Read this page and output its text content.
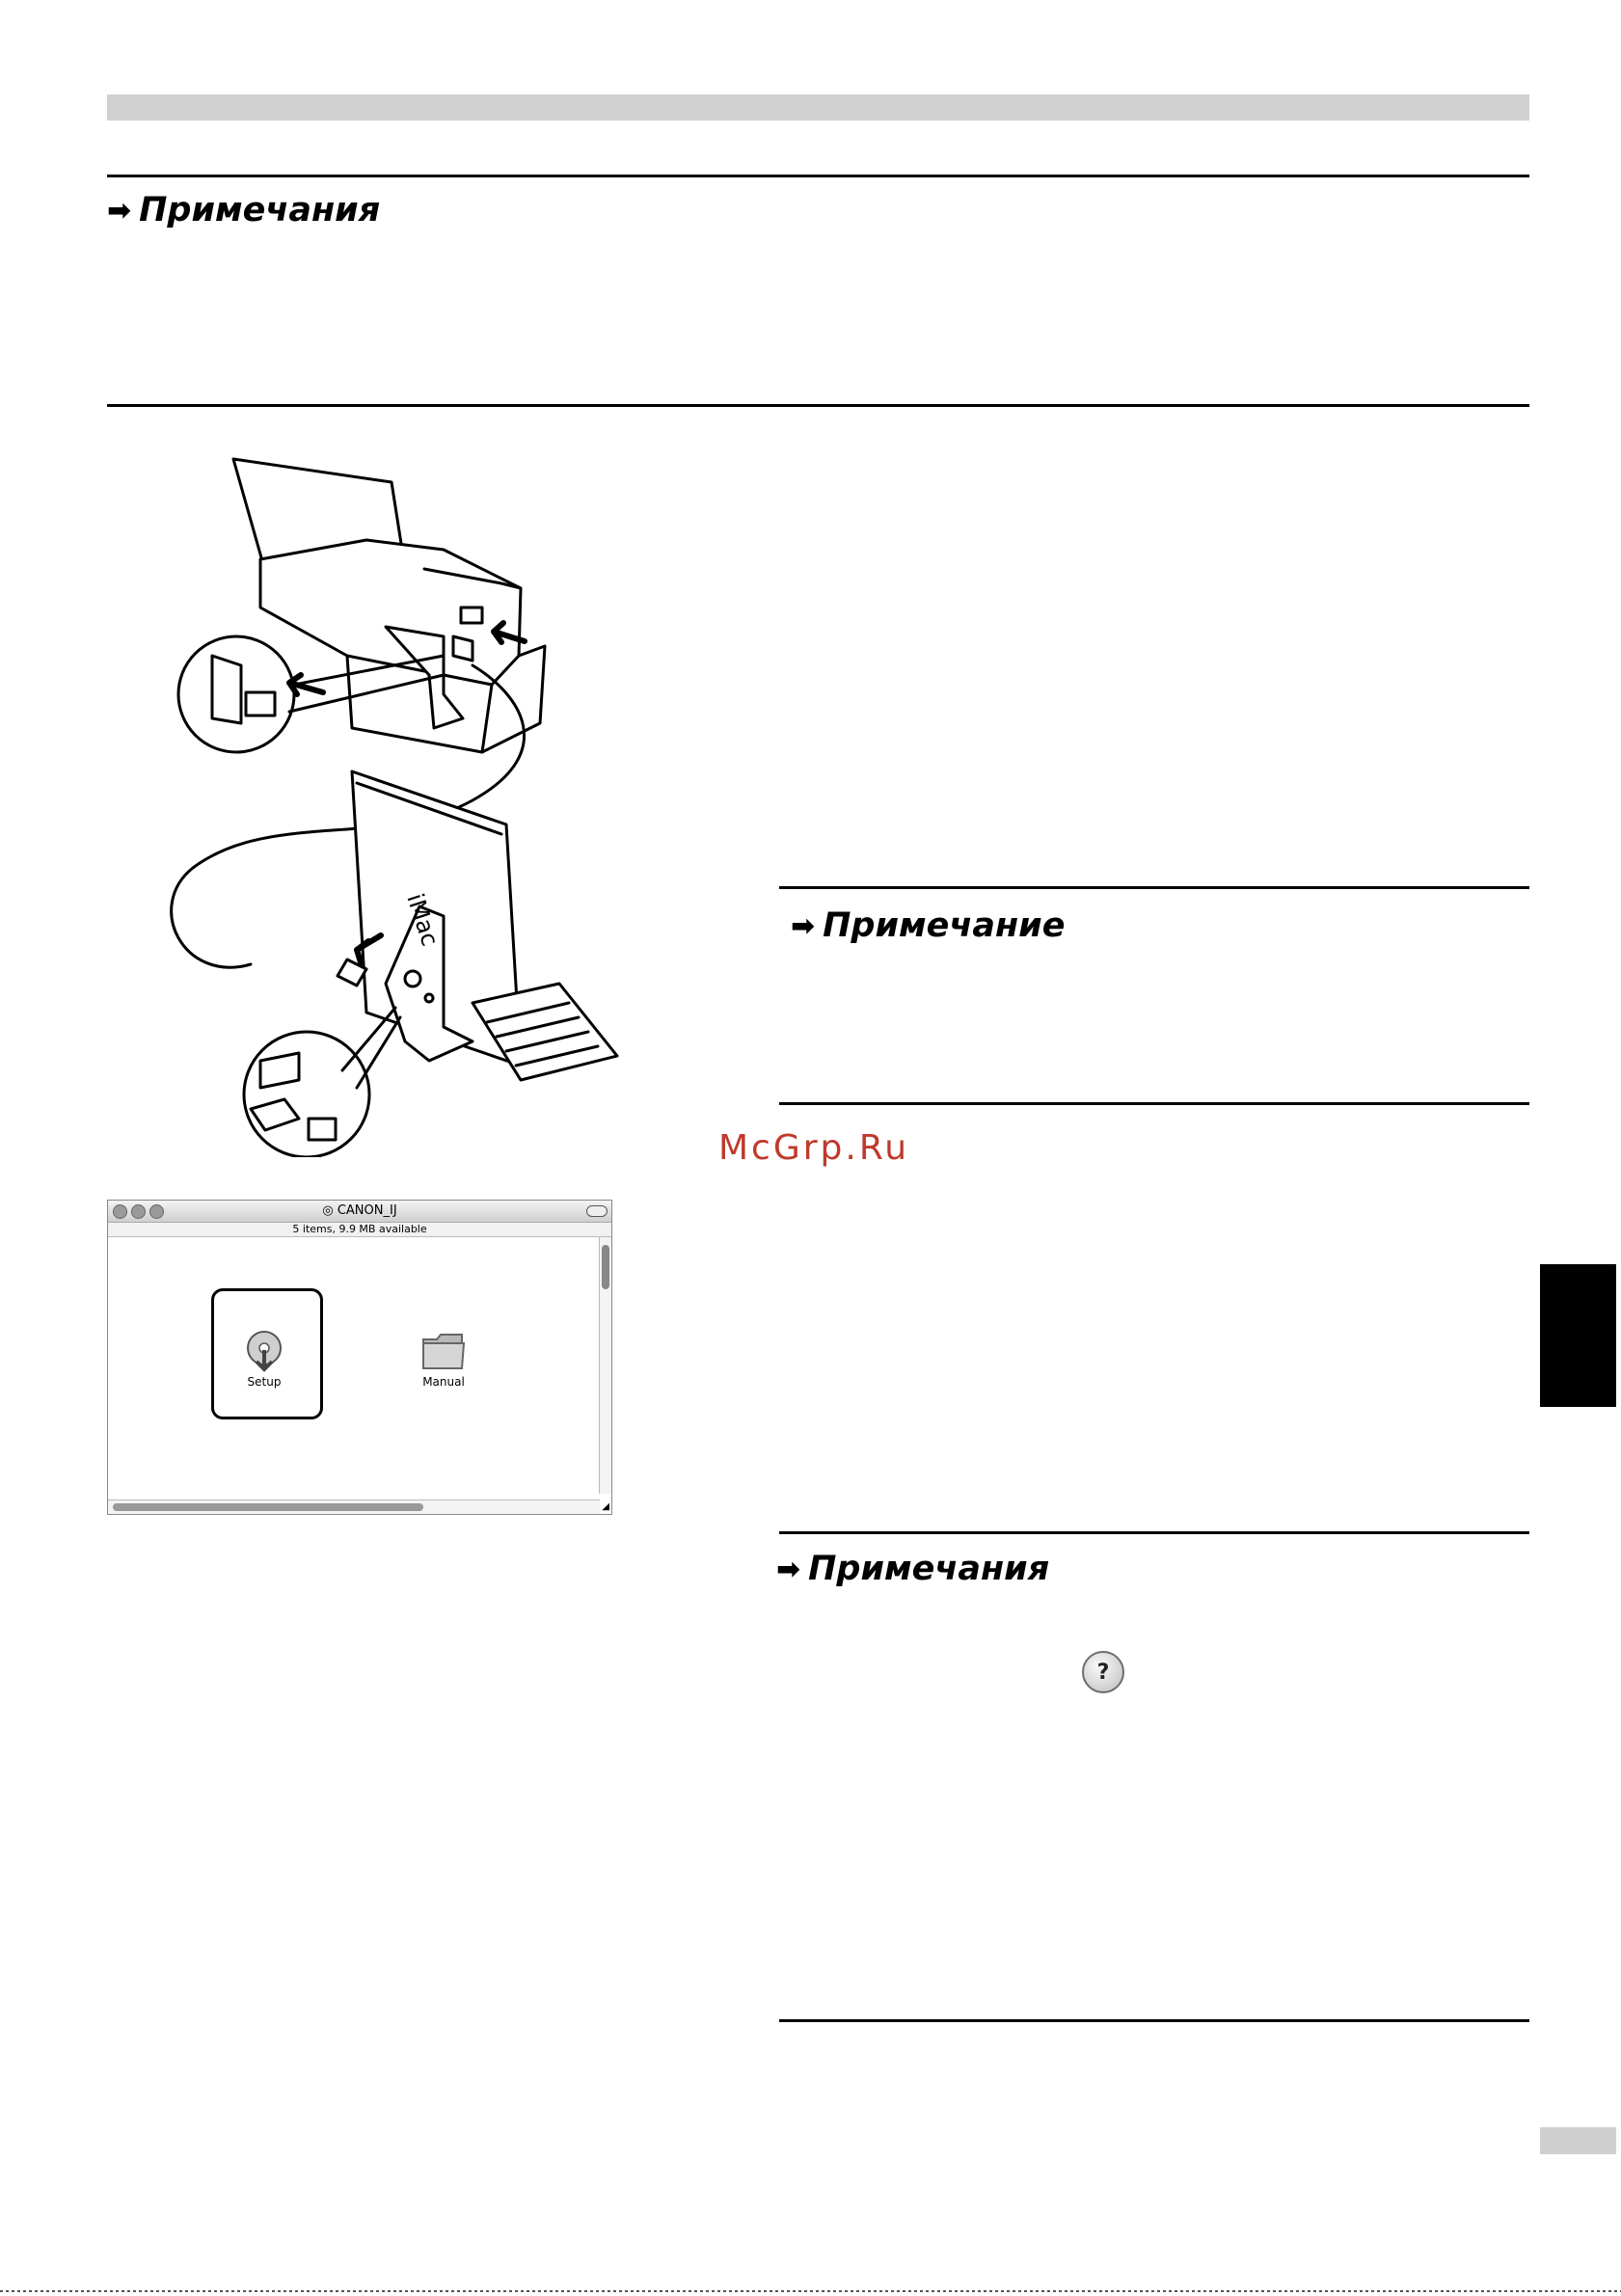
➡ Примечания
iMac	➡ Примечание
McGrp.Ru
◎ CANON_IJ
5 items, 9.9 MB available
Setup	Manual
◢
➡ Примечания
?
